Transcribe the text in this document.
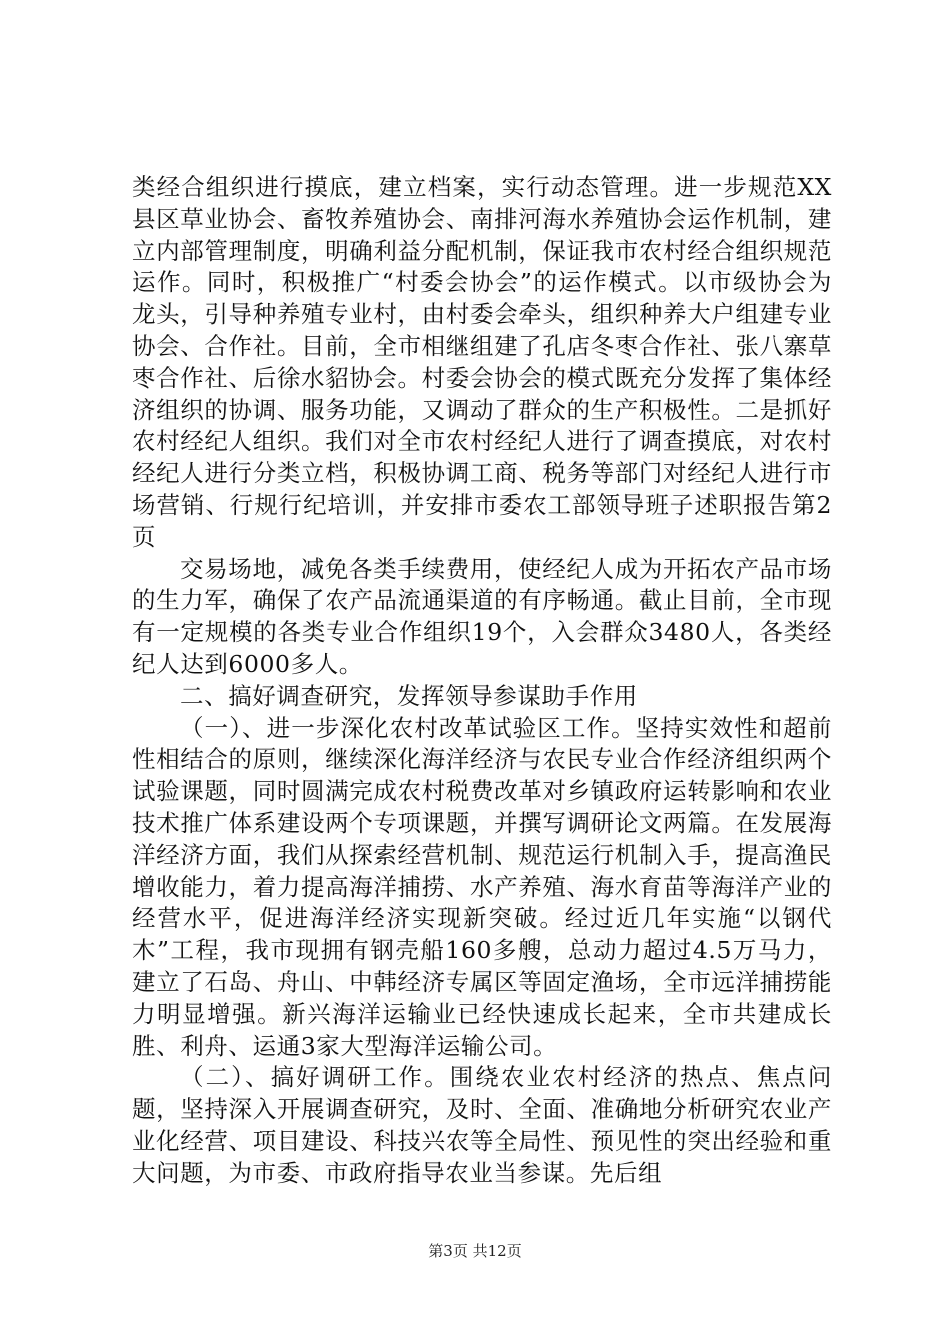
类经合组织进行摸底，建立档案，实行动态管理。进一步规范XX县区草业协会、畜牧养殖协会、南排河海水养殖协会运作机制，建立内部管理制度，明确利益分配机制，保证我市农村经合组织规范运作。同时，积极推广“村委会协会”的运作模式。以市级协会为龙头，引导种养殖专业村，由村委会牵头，组织种养大户组建专业协会、合作社。目前，全市相继组建了孔店冬枣合作社、张八寨草枣合作社、后徐水貂协会。村委会协会的模式既充分发挥了集体经济组织的协调、服务功能，又调动了群众的生产积极性。二是抓好农村经纪人组织。我们对全市农村经纪人进行了调查摸底，对农村经纪人进行分类立档，积极协调工商、税务等部门对经纪人进行市场营销、行规行纪培训，并安排市委农工部领导班子述职报告第2页

交易场地，减免各类手续费用，使经纪人成为开拓农产品市场的生力军，确保了农产品流通渠道的有序畅通。截止目前，全市现有一定规模的各类专业合作组织19个，入会群众3480人，各类经纪人达到6000多人。

二、搞好调查研究，发挥领导参谋助手作用

（一）、进一步深化农村改革试验区工作。坚持实效性和超前性相结合的原则，继续深化海洋经济与农民专业合作经济组织两个试验课题，同时圆满完成农村税费改革对乡镇政府运转影响和农业技术推广体系建设两个专项课题，并撰写调研论文两篇。在发展海洋经济方面，我们从探索经营机制、规范运行机制入手，提高渔民增收能力，着力提高海洋捕捞、水产养殖、海水育苗等海洋产业的经营水平，促进海洋经济实现新突破。经过近几年实施“以钢代木”工程，我市现拥有钢壳船160多艘，总动力超过4.5万马力，建立了石岛、舟山、中韩经济专属区等固定渔场，全市远洋捕捞能力明显增强。新兴海洋运输业已经快速成长起来，全市共建成长胜、利舟、运通3家大型海洋运输公司。

（二）、搞好调研工作。围绕农业农村经济的热点、焦点问题，坚持深入开展调查研究，及时、全面、准确地分析研究农业产业化经营、项目建设、科技兴农等全局性、预见性的突出经验和重大问题，为市委、市政府指导农业当参谋。先后组

第3页 共12页
